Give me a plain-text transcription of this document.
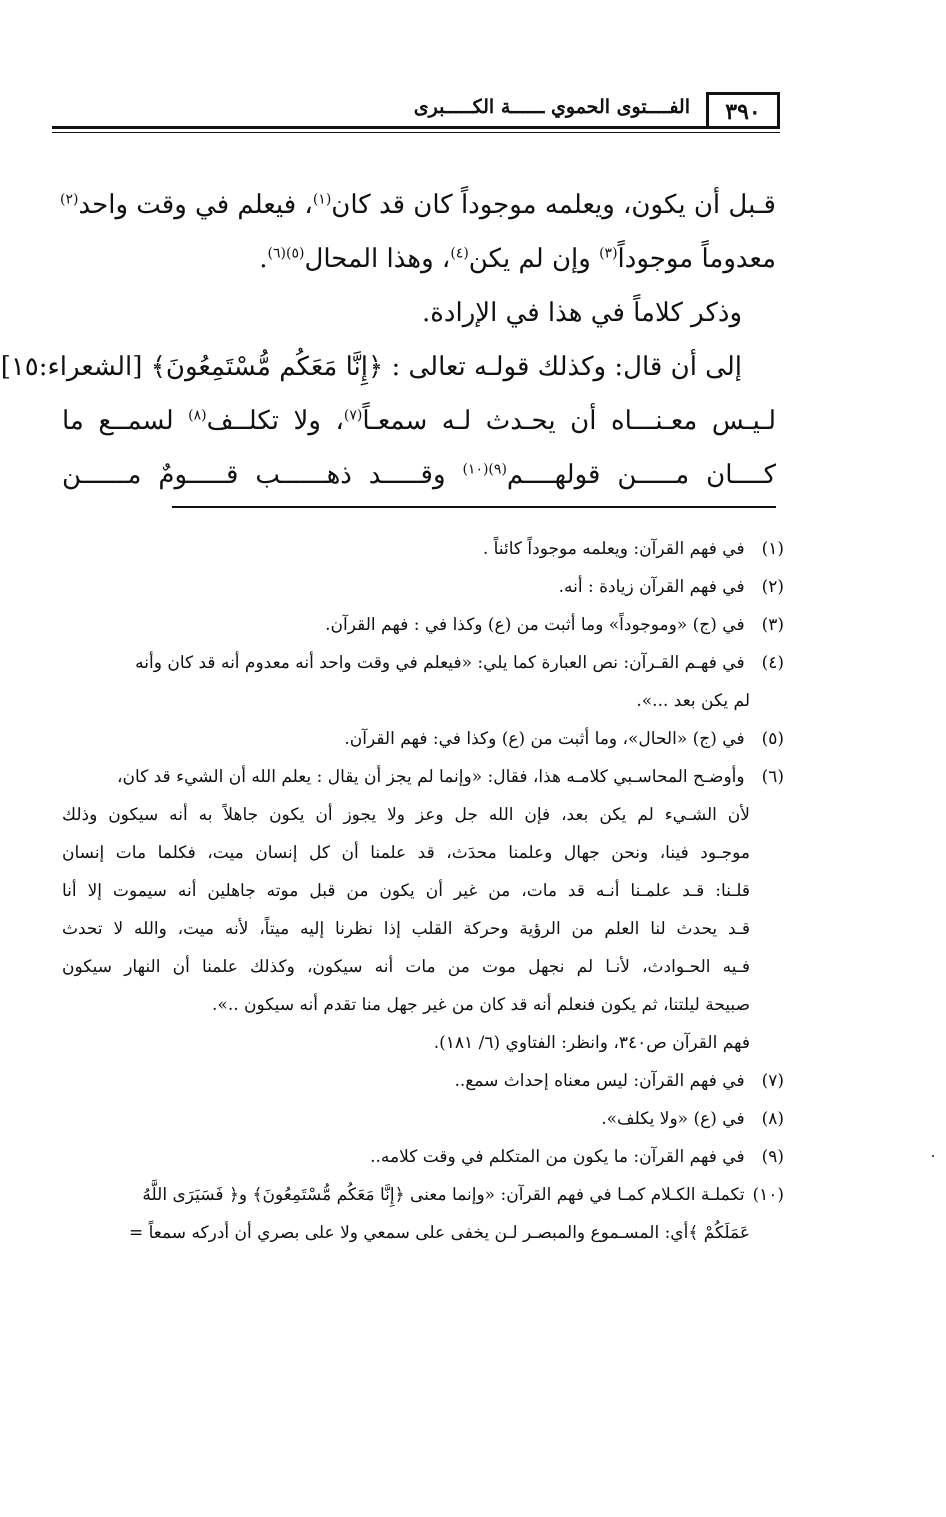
٣٩٠
الفــــتوى الحموي ــــــة الكـــــبرى
قـبل أن يكون، ويعلمه موجوداً كان قد كان$^{(١)}$، فيعلم في وقت واحد$^{(٢)}$
معدوماً موجوداً$^{(٣)}$ وإن لم يكن$^{(٤)}$، وهذا المحال$^{(٥)(٦)}$.
وذكر كلاماً في هذا في الإرادة.
إلى أن قال: وكذلك قولـه تعالى : ﴿إِنَّا مَعَكُم مُّسْتَمِعُونَ﴾ [الشعراء:١٥]
لـيـس معـنـــاه أن يحـدث لـه سمعـاً$^{(٧)}$، ولا تكلــف$^{(٨)}$ لسمــع ما
كــــان مـــــن قولهــــم$^{(٩)(١٠)}$ وقـــــد ذهــــــب قـــــومٌ مــــــن
(١) في فهم القرآن: ويعلمه موجوداً كائناً .
(٢) في فهم القرآن زيادة : أنه.
(٣) في (ج) «وموجوداً» وما أثبت من (ع) وكذا في : فهم القرآن.
(٤) في فهـم القـرآن: نص العبارة كما يلي: «فيعلم في وقت واحد أنه معدوم أنه قد كان وأنه
لم يكن بعد ...».
(٥) في (ج) «الحال»، وما أثبت من (ع) وكذا في: فهم القرآن.
(٦) وأوضـح المحاسـبي كلامـه هذا، فقال: «وإنما لم يجز أن يقال : يعلم الله أن الشيء قد كان،
لأن الشـيء لم يكن بعد، فإن الله جل وعز ولا يجوز أن يكون جاهلاً به أنه سيكون وذلك
موجـود فينا، ونحن جهال وعلمنا محدَث، قد علمنا أن كل إنسان ميت، فكلما مات إنسان
قلـنا: قـد علمـنا أنـه قد مات، من غير أن يكون من قبل موته جاهلين أنه سيموت إلا أنا
قـد يحدث لنا العلم من الرؤية وحركة القلب إذا نظرنا إليه ميتاً، لأنه ميت، والله لا تحدث
فـيه الحـوادث، لأنـا لم نجهل موت من مات أنه سيكون، وكذلك علمنا أن النهار سيكون
صبيحة ليلتنا، ثم يكون فنعلم أنه قد كان من غير جهل منا تقدم أنه سيكون ..».
فهم القرآن ص٣٤٠، وانظر: الفتاوي (٦/ ١٨١).
(٧) في فهم القرآن: ليس معناه إحداث سمع..
(٨) في (ع) «ولا يكلف».
(٩) في فهم القرآن: ما يكون من المتكلم في وقت كلامه..
(١٠) تكملـة الكـلام كمـا في فهم القرآن: «وإنما معنى ﴿إِنَّا مَعَكُم مُّسْتَمِعُونَ﴾ و﴿ فَسَيَرَى اللَّهُ
عَمَلَكُمْ ﴾أي: المسـموع والمبصـر لـن يخفى على سمعي ولا على بصري أن أدركه سمعاً =
